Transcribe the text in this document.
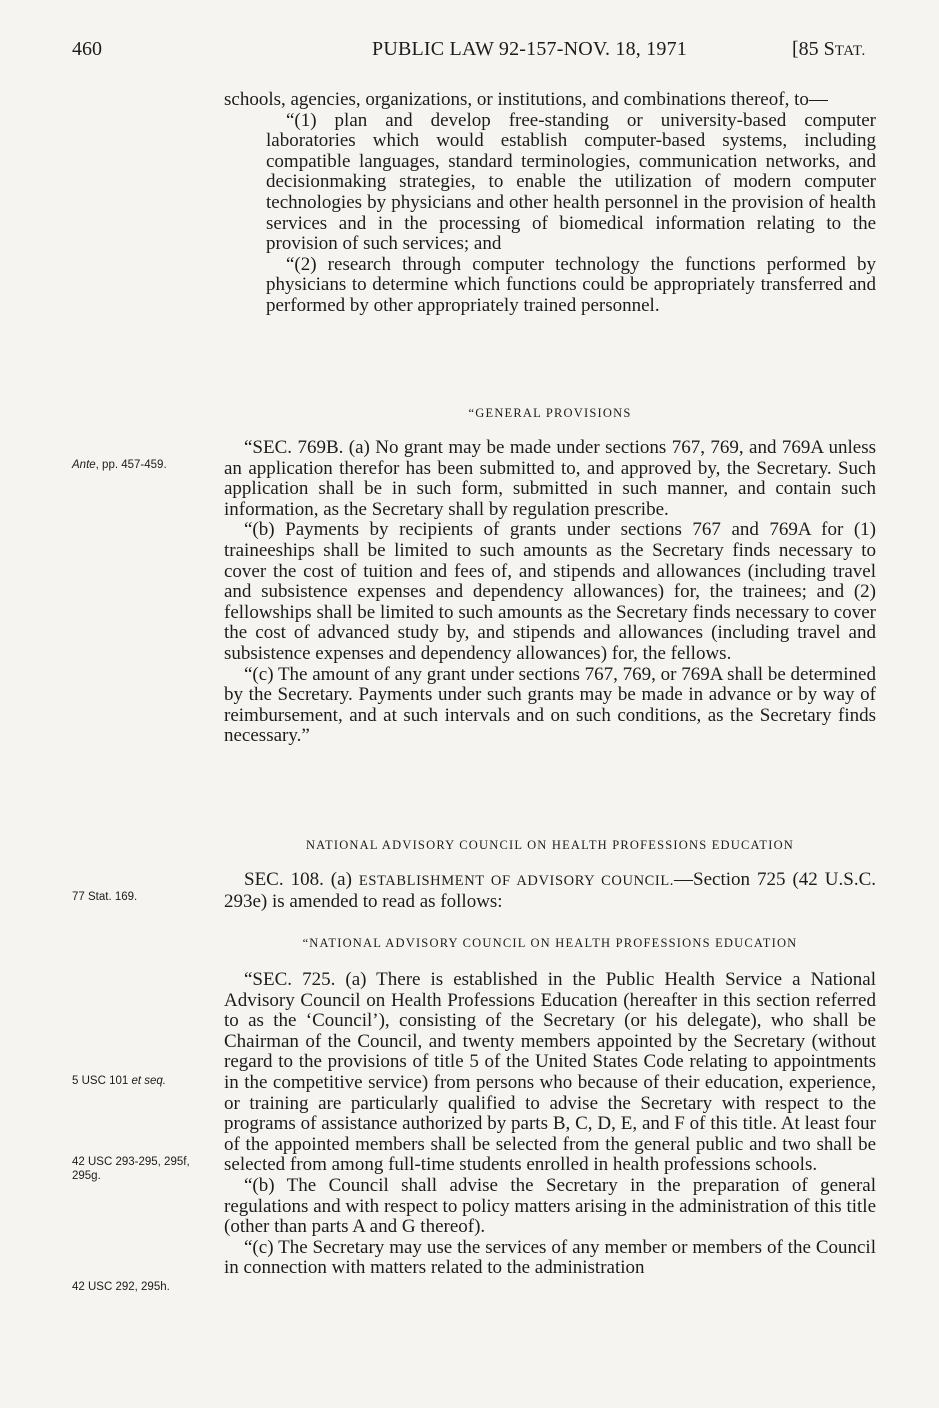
460	PUBLIC LAW 92-157-NOV. 18, 1971	[85 STAT.

schools, agencies, organizations, or institutions, and combinations thereof, to—

“(1) plan and develop free-standing or university-based computer laboratories which would establish computer-based systems, including compatible languages, standard terminologies, communication networks, and decisionmaking strategies, to enable the utilization of modern computer technologies by physicians and other health personnel in the provision of health services and in the processing of biomedical information relating to the provision of such services; and

“(2) research through computer technology the functions performed by physicians to determine which functions could be appropriately transferred and performed by other appropriately trained personnel.

“GENERAL PROVISIONS

“SEC. 769B. (a) No grant may be made under sections 767, 769, and 769A unless an application therefor has been submitted to, and approved by, the Secretary. Such application shall be in such form, submitted in such manner, and contain such information, as the Secretary shall by regulation prescribe.

“(b) Payments by recipients of grants under sections 767 and 769A for (1) traineeships shall be limited to such amounts as the Secretary finds necessary to cover the cost of tuition and fees of, and stipends and allowances (including travel and subsistence expenses and dependency allowances) for, the trainees; and (2) fellowships shall be limited to such amounts as the Secretary finds necessary to cover the cost of advanced study by, and stipends and allowances (including travel and subsistence expenses and dependency allowances) for, the fellows.

“(c) The amount of any grant under sections 767, 769, or 769A shall be determined by the Secretary. Payments under such grants may be made in advance or by way of reimbursement, and at such intervals and on such conditions, as the Secretary finds necessary.”

NATIONAL ADVISORY COUNCIL ON HEALTH PROFESSIONS EDUCATION

SEC. 108. (a) ESTABLISHMENT OF ADVISORY COUNCIL.—Section 725 (42 U.S.C. 293e) is amended to read as follows:

“NATIONAL ADVISORY COUNCIL ON HEALTH PROFESSIONS EDUCATION

“SEC. 725. (a) There is established in the Public Health Service a National Advisory Council on Health Professions Education (hereafter in this section referred to as the ‘Council’), consisting of the Secretary (or his delegate), who shall be Chairman of the Council, and twenty members appointed by the Secretary (without regard to the provisions of title 5 of the United States Code relating to appointments in the competitive service) from persons who because of their education, experience, or training are particularly qualified to advise the Secretary with respect to the programs of assistance authorized by parts B, C, D, E, and F of this title. At least four of the appointed members shall be selected from the general public and two shall be selected from among full-time students enrolled in health professions schools.

“(b) The Council shall advise the Secretary in the preparation of general regulations and with respect to policy matters arising in the administration of this title (other than parts A and G thereof).

“(c) The Secretary may use the services of any member or members of the Council in connection with matters related to the administration

Ante, pp. 457-459.
77 Stat. 169.
5 USC 101 et seq.
42 USC 293-295, 295f, 295g.
42 USC 292, 295h.
